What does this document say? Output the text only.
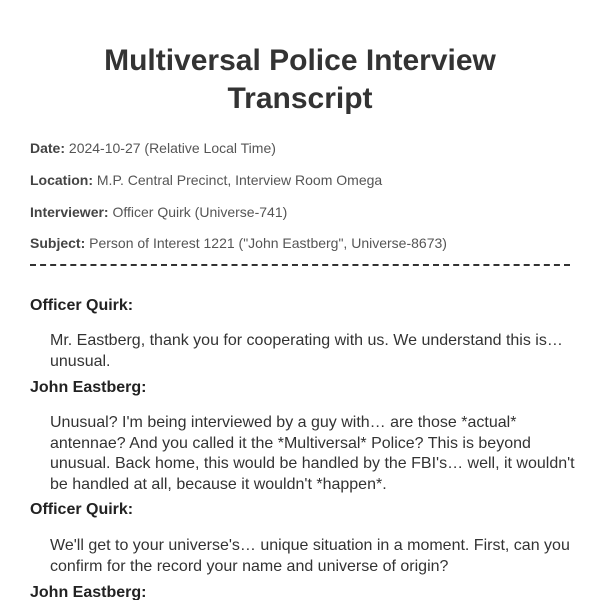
Multiversal Police Interview Transcript
Date: 2024-10-27 (Relative Local Time)
Location: M.P. Central Precinct, Interview Room Omega
Interviewer: Officer Quirk (Universe-741)
Subject: Person of Interest 1221 ("John Eastberg", Universe-8673)
Officer Quirk:
Mr. Eastberg, thank you for cooperating with us. We understand this is… unusual.
John Eastberg:
Unusual? I'm being interviewed by a guy with… are those *actual* antennae? And you called it the *Multiversal* Police? This is beyond unusual. Back home, this would be handled by the FBI's… well, it wouldn't be handled at all, because it wouldn't *happen*.
Officer Quirk:
We'll get to your universe's… unique situation in a moment. First, can you confirm for the record your name and universe of origin?
John Eastberg:
